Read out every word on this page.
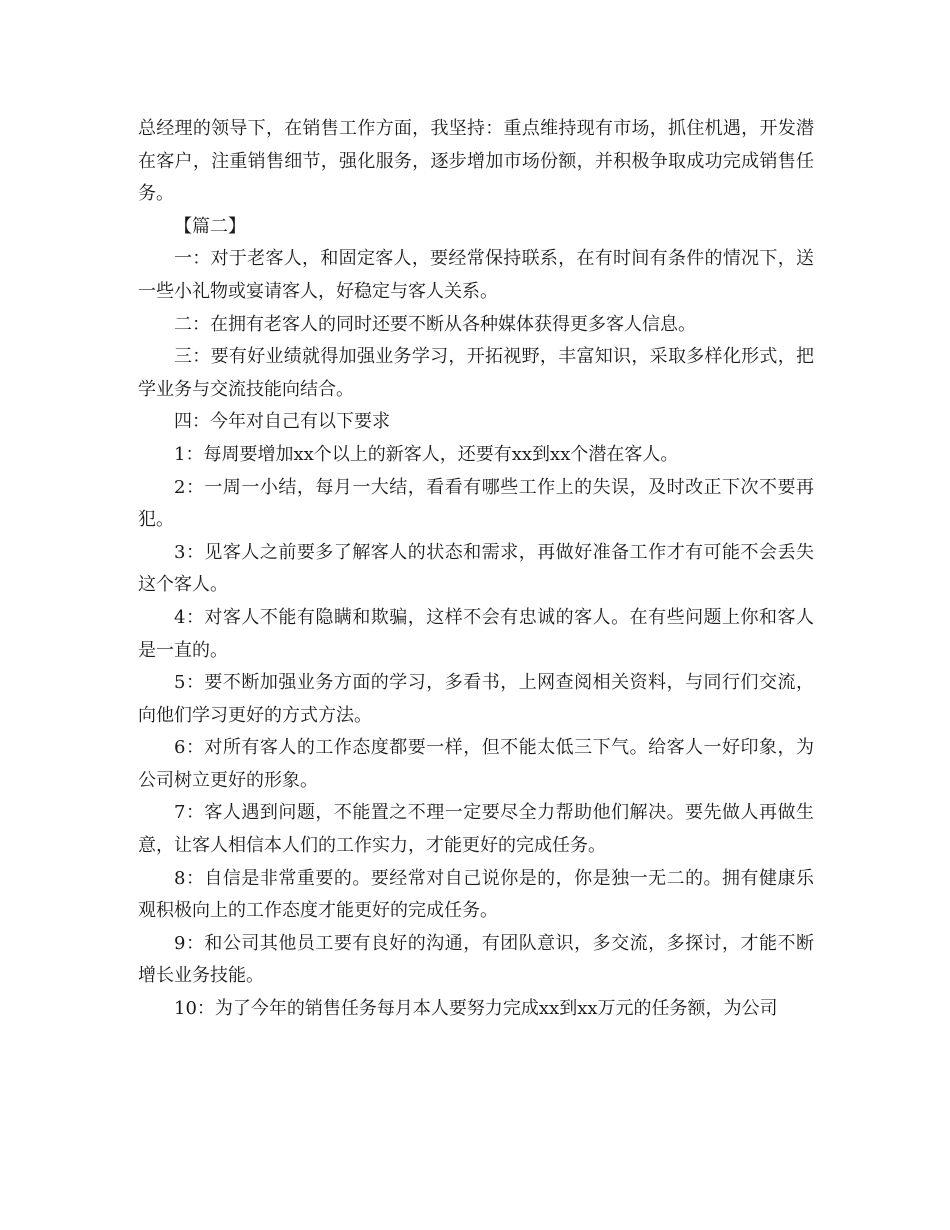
总经理的领导下，在销售工作方面，我坚持：重点维持现有市场，抓住机遇，开发潜在客户，注重销售细节，强化服务，逐步增加市场份额，并积极争取成功完成销售任务。

【篇二】

一：对于老客人，和固定客人，要经常保持联系，在有时间有条件的情况下，送一些小礼物或宴请客人，好稳定与客人关系。

二：在拥有老客人的同时还要不断从各种媒体获得更多客人信息。

三：要有好业绩就得加强业务学习，开拓视野，丰富知识，采取多样化形式，把学业务与交流技能向结合。

四：今年对自己有以下要求

1：每周要增加xx个以上的新客人，还要有xx到xx个潜在客人。

2：一周一小结，每月一大结，看看有哪些工作上的失误，及时改正下次不要再犯。

3：见客人之前要多了解客人的状态和需求，再做好准备工作才有可能不会丢失这个客人。

4：对客人不能有隐瞒和欺骗，这样不会有忠诚的客人。在有些问题上你和客人是一直的。

5：要不断加强业务方面的学习，多看书，上网查阅相关资料，与同行们交流，向他们学习更好的方式方法。

6：对所有客人的工作态度都要一样，但不能太低三下气。给客人一好印象，为公司树立更好的形象。

7：客人遇到问题，不能置之不理一定要尽全力帮助他们解决。要先做人再做生意，让客人相信本人们的工作实力，才能更好的完成任务。

8：自信是非常重要的。要经常对自己说你是的，你是独一无二的。拥有健康乐观积极向上的工作态度才能更好的完成任务。

9：和公司其他员工要有良好的沟通，有团队意识，多交流，多探讨，才能不断增长业务技能。

10：为了今年的销售任务每月本人要努力完成xx到xx万元的任务额，为公司
